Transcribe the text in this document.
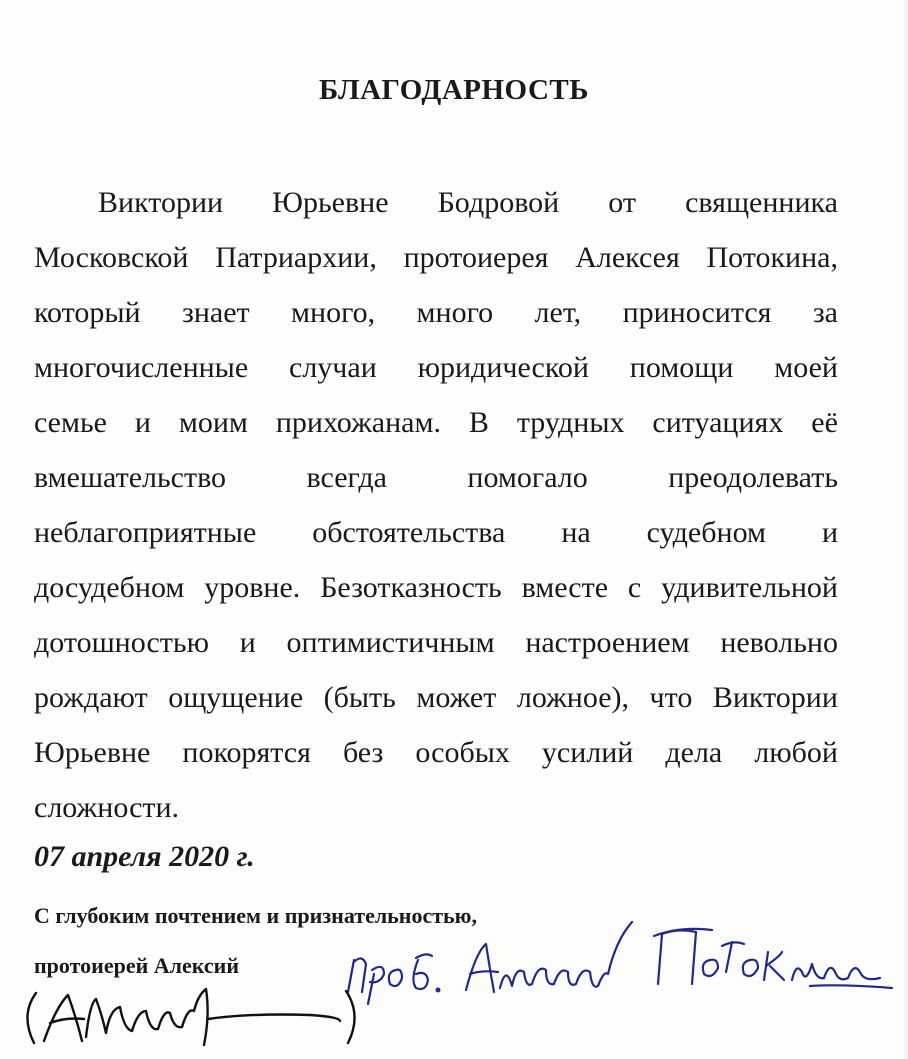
БЛАГОДАРНОСТЬ
Виктории Юрьевне Бодровой от священника
Московской Патриархии, протоиерея Алексея Потокина,
который знает много, много лет, приносится за
многочисленные случаи юридической помощи моей
семье и моим прихожанам. В трудных ситуациях её
вмешательство	всегда	помогало	преодолевать
неблагоприятные обстоятельства на судебном и
досудебном уровне. Безотказность вместе с удивительной
дотошностью и оптимистичным настроением невольно
рождают ощущение (быть может ложное), что Виктории
Юрьевне покорятся без особых усилий дела любой
сложности.
07 апреля 2020 г.
С глубоким почтением и признательностью,
протоиерей Алексий
